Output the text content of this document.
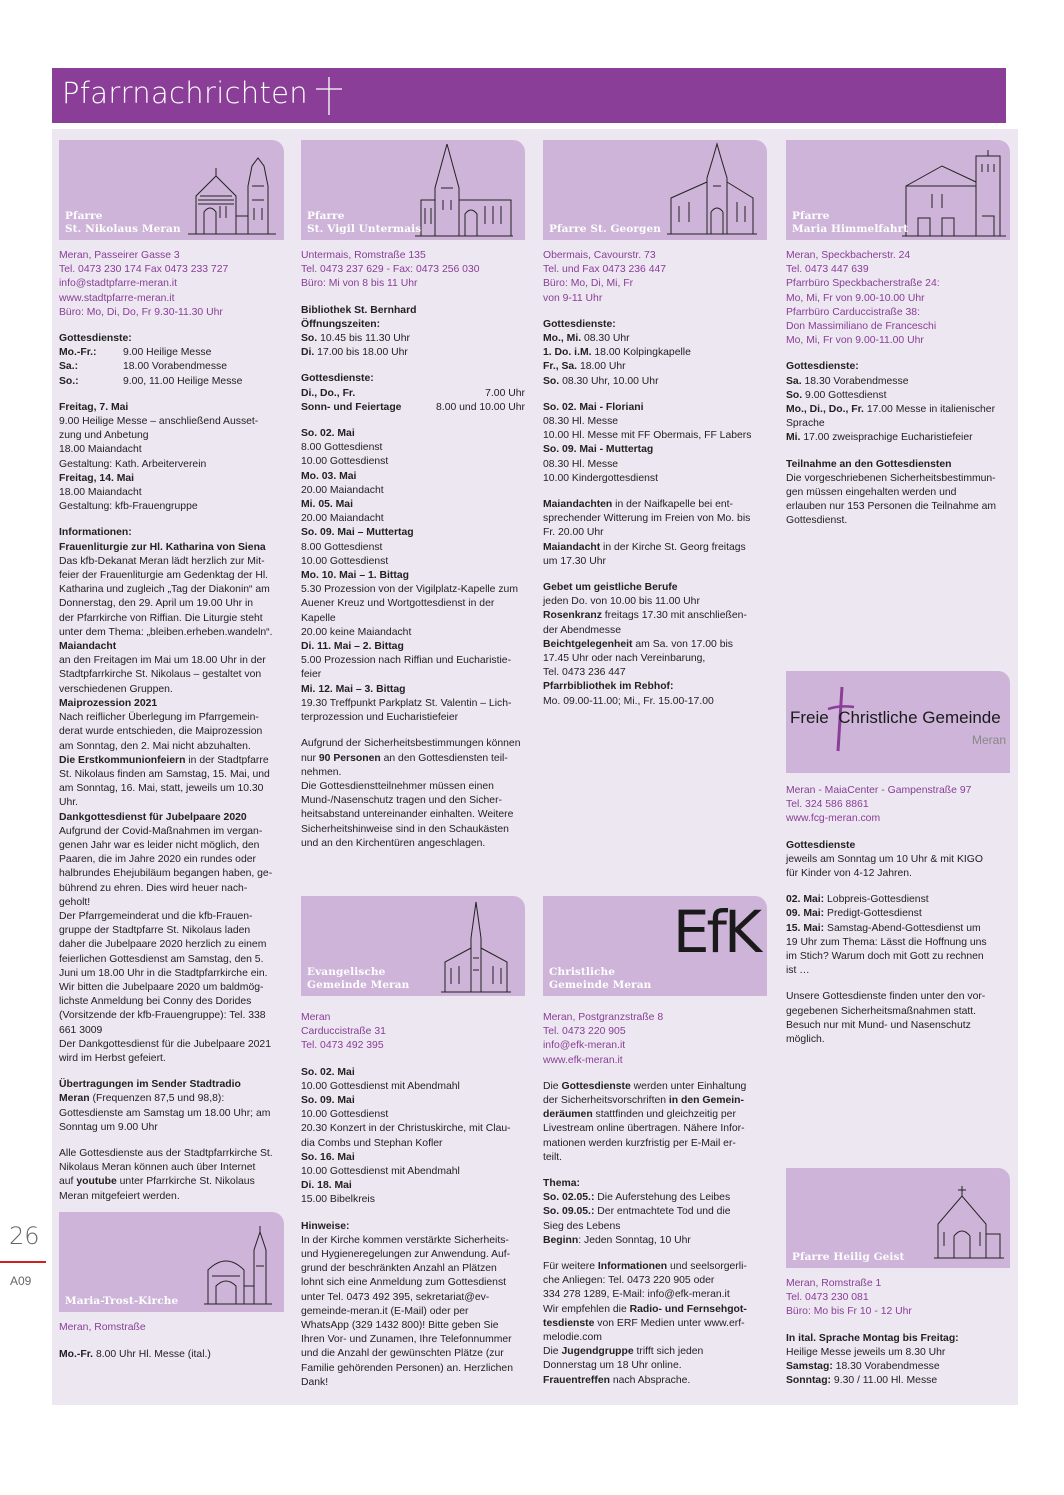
Pfarrnachrichten
26
A09
Pfarre
St. Nikolaus Meran
Meran, Passeirer Gasse 3
Tel. 0473 230 174 Fax 0473 233 727
info@stadtpfarre-meran.it
www.stadtpfarre-meran.it
Büro: Mo, Di, Do, Fr 9.30-11.30 Uhr
Gottesdienste:
Mo.-Fr.:	9.00 Heilige Messe
Sa.:	18.00 Vorabendmesse
So.:	9.00, 11.00 Heilige Messe
Freitag, 7. Mai
9.00 Heilige Messe – anschließend Ausset-
zung und Anbetung
18.00 Maiandacht
Gestaltung: Kath. Arbeiterverein
Freitag, 14. Mai
18.00 Maiandacht
Gestaltung: kfb-Frauengruppe
Informationen:
Frauenliturgie zur Hl. Katharina von Siena
Das kfb-Dekanat Meran lädt herzlich zur Mit-
feier der Frauenliturgie am Gedenktag der Hl.
Katharina und zugleich „Tag der Diakonin“ am
Donnerstag, den 29. April um 19.00 Uhr in
der Pfarrkirche von Riffian. Die Liturgie steht
unter dem Thema: „bleiben.erheben.wandeln“.
Maiandacht
an den Freitagen im Mai um 18.00 Uhr in der
Stadtpfarrkirche St. Nikolaus – gestaltet von
verschiedenen Gruppen.
Maiprozession 2021
Nach reiflicher Überlegung im Pfarrgemein-
derat wurde entschieden, die Maiprozession
am Sonntag, den 2. Mai nicht abzuhalten.
Die Erstkommunionfeiern in der Stadtpfarre
St. Nikolaus finden am Samstag, 15. Mai, und
am Sonntag, 16. Mai, statt, jeweils um 10.30
Uhr.
Dankgottesdienst für Jubelpaare 2020
Aufgrund der Covid-Maßnahmen im vergan-
genen Jahr war es leider nicht möglich, den
Paaren, die im Jahre 2020 ein rundes oder
halbrundes Ehejubiläum begangen haben, ge-
bührend zu ehren. Dies wird heuer nach-
geholt!
Der Pfarrgemeinderat und die kfb-Frauen-
gruppe der Stadtpfarre St. Nikolaus laden
daher die Jubelpaare 2020 herzlich zu einem
feierlichen Gottesdienst am Samstag, den 5.
Juni um 18.00 Uhr in die Stadtpfarrkirche ein.
Wir bitten die Jubelpaare 2020 um baldmög-
lichste Anmeldung bei Conny des Dorides
(Vorsitzende der kfb-Frauengruppe): Tel. 338
661 3009
Der Dankgottesdienst für die Jubelpaare 2021
wird im Herbst gefeiert.
Übertragungen im Sender Stadtradio
Meran (Frequenzen 87,5 und 98,8):
Gottesdienste am Samstag um 18.00 Uhr; am
Sonntag um 9.00 Uhr
Alle Gottesdienste aus der Stadtpfarrkirche St.
Nikolaus Meran können auch über Internet
auf youtube unter Pfarrkirche St. Nikolaus
Meran mitgefeiert werden.
Maria-Trost-Kirche
Meran, Romstraße
Mo.-Fr. 8.00 Uhr Hl. Messe (ital.)
Pfarre
St. Vigil Untermais
Untermais, Romstraße 135
Tel. 0473 237 629 - Fax: 0473 256 030
Büro: Mi von 8 bis 11 Uhr
Bibliothek St. Bernhard
Öffnungszeiten:
So. 10.45 bis 11.30 Uhr
Di. 17.00 bis 18.00 Uhr
Gottesdienste:
Di., Do., Fr.	7.00 Uhr
Sonn- und Feiertage	8.00 und 10.00 Uhr
So. 02. Mai
8.00 Gottesdienst
10.00 Gottesdienst
Mo. 03. Mai
20.00 Maiandacht
Mi. 05. Mai
20.00 Maiandacht
So. 09. Mai – Muttertag
8.00 Gottesdienst
10.00 Gottesdienst
Mo. 10. Mai – 1. Bittag
5.30 Prozession von der Vigilplatz-Kapelle zum
Auener Kreuz und Wortgottesdienst in der
Kapelle
20.00 keine Maiandacht
Di. 11. Mai – 2. Bittag
5.00 Prozession nach Riffian und Eucharistie-
feier
Mi. 12. Mai – 3. Bittag
19.30 Treffpunkt Parkplatz St. Valentin – Lich-
terprozession und Eucharistiefeier
Aufgrund der Sicherheitsbestimmungen können
nur 90 Personen an den Gottesdiensten teil-
nehmen.
Die Gottesdienstteilnehmer müssen einen
Mund-/Nasenschutz tragen und den Sicher-
heitsabstand untereinander einhalten. Weitere
Sicherheitshinweise sind in den Schaukästen
und an den Kirchentüren angeschlagen.
Evangelische
Gemeinde Meran
Meran
Carduccistraße 31
Tel. 0473 492 395
So. 02. Mai
10.00 Gottesdienst mit Abendmahl
So. 09. Mai
10.00 Gottesdienst
20.30 Konzert in der Christuskirche, mit Clau-
dia Combs und Stephan Kofler
So. 16. Mai
10.00 Gottesdienst mit Abendmahl
Di. 18. Mai
15.00 Bibelkreis
Hinweise:
In der Kirche kommen verstärkte Sicherheits-
und Hygieneregelungen zur Anwendung. Auf-
grund der beschränkten Anzahl an Plätzen
lohnt sich eine Anmeldung zum Gottesdienst
unter Tel. 0473 492 395, sekretariat@ev-
gemeinde-meran.it (E-Mail) oder per
WhatsApp (329 1432 800)! Bitte geben Sie
Ihren Vor- und Zunamen, Ihre Telefonnummer
und die Anzahl der gewünschten Plätze (zur
Familie gehörenden Personen) an. Herzlichen
Dank!
Pfarre St. Georgen
Obermais, Cavourstr. 73
Tel. und Fax 0473 236 447
Büro: Mo, Di, Mi, Fr
von 9-11 Uhr
Gottesdienste:
Mo., Mi. 08.30 Uhr
1. Do. i.M. 18.00 Kolpingkapelle
Fr., Sa. 18.00 Uhr
So. 08.30 Uhr, 10.00 Uhr
So. 02. Mai - Floriani
08.30 Hl. Messe
10.00 Hl. Messe mit FF Obermais, FF Labers
So. 09. Mai - Muttertag
08.30 Hl. Messe
10.00 Kindergottesdienst
Maiandachten in der Naifkapelle bei ent-
sprechender Witterung im Freien von Mo. bis
Fr. 20.00 Uhr
Maiandacht in der Kirche St. Georg freitags
um 17.30 Uhr
Gebet um geistliche Berufe
jeden Do. von 10.00 bis 11.00 Uhr
Rosenkranz freitags 17.30 mit anschließen-
der Abendmesse
Beichtgelegenheit am Sa. von 17.00 bis
17.45 Uhr oder nach Vereinbarung,
Tel. 0473 236 447
Pfarrbibliothek im Rebhof:
Mo. 09.00-11.00; Mi., Fr. 15.00-17.00
EfK
Christliche
Gemeinde Meran
Meran, Postgranzstraße 8
Tel. 0473 220 905
info@efk-meran.it
www.efk-meran.it
Die Gottesdienste werden unter Einhaltung
der Sicherheitsvorschriften in den Gemein-
deräumen stattfinden und gleichzeitig per
Livestream online übertragen. Nähere Infor-
mationen werden kurzfristig per E-Mail er-
teilt.
Thema:
So. 02.05.: Die Auferstehung des Leibes
So. 09.05.: Der entmachtete Tod und die
Sieg des Lebens
Beginn: Jeden Sonntag, 10 Uhr
Für weitere Informationen und seelsorgerli-
che Anliegen: Tel. 0473 220 905 oder
334 278 1289, E-Mail: info@efk-meran.it
Wir empfehlen die Radio- und Fernsehgot-
tesdienste von ERF Medien unter www.erf-
melodie.com
Die Jugendgruppe trifft sich jeden
Donnerstag um 18 Uhr online.
Frauentreffen nach Absprache.
Pfarre
Maria Himmelfahrt
Meran, Speckbacherstr. 24
Tel. 0473 447 639
Pfarrbüro Speckbacherstraße 24:
Mo, Mi, Fr von 9.00-10.00 Uhr
Pfarrbüro Carduccistraße 38:
Don Massimiliano de Franceschi
Mo, Mi, Fr von 9.00-11.00 Uhr
Gottesdienste:
Sa. 18.30 Vorabendmesse
So. 9.00 Gottesdienst
Mo., Di., Do., Fr. 17.00 Messe in italienischer
Sprache
Mi. 17.00 zweisprachige Eucharistiefeier
Teilnahme an den Gottesdiensten
Die vorgeschriebenen Sicherheitsbestimmun-
gen müssen eingehalten werden und
erlauben nur 153 Personen die Teilnahme am
Gottesdienst.
Freie Christliche Gemeinde
Meran
Meran - MaiaCenter - Gampenstraße 97
Tel. 324 586 8861
www.fcg-meran.com
Gottesdienste
jeweils am Sonntag um 10 Uhr & mit KIGO
für Kinder von 4-12 Jahren.
02. Mai: Lobpreis-Gottesdienst
09. Mai: Predigt-Gottesdienst
15. Mai: Samstag-Abend-Gottesdienst um
19 Uhr zum Thema: Lässt die Hoffnung uns
im Stich? Warum doch mit Gott zu rechnen
ist …
Unsere Gottesdienste finden unter den vor-
gegebenen Sicherheitsmaßnahmen statt.
Besuch nur mit Mund- und Nasenschutz
möglich.
Pfarre Heilig Geist
Meran, Romstraße 1
Tel. 0473 230 081
Büro: Mo bis Fr 10 - 12 Uhr
In ital. Sprache Montag bis Freitag:
Heilige Messe jeweils um 8.30 Uhr
Samstag: 18.30 Vorabendmesse
Sonntag: 9.30 / 11.00 Hl. Messe
